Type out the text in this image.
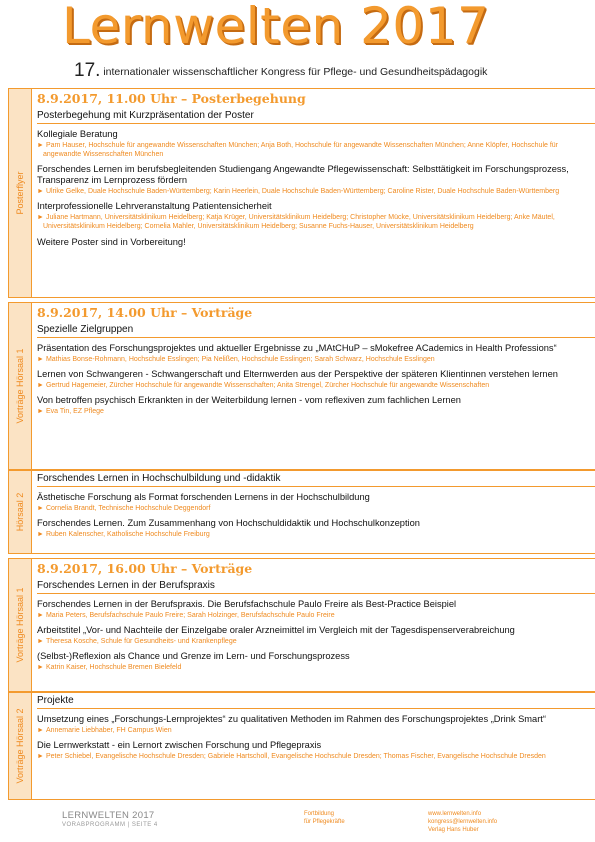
Lernwelten 2017
17. internationaler wissenschaftlicher Kongress für Pflege- und Gesundheitspädagogik
Posterflyer
8.9.2017, 11.00 Uhr – Posterbegehung
Posterbegehung mit Kurzpräsentation der Poster
Kollegiale Beratung
► Pam Hauser, Hochschule für angewandte Wissenschaften München; Anja Both, Hochschule für angewandte Wissenschaften München; Anne Klöpfer, Hochschule für angewandte Wissenschaften München
Forschendes Lernen im berufsbegleitenden Studiengang Angewandte Pflegewissenschaft: Selbsttätigkeit im Forschungsprozess, Transparenz im Lernprozess fördern
► Ulrike Gelke, Duale Hochschule Baden-Württemberg; Karin Heerlein, Duale Hochschule Baden-Württemberg; Caroline Rister, Duale Hochschule Baden-Württemberg
Interprofessionelle Lehrveranstaltung Patientensicherheit
► Juliane Hartmann, Universitätsklinikum Heidelberg; Katja Krüger, Universitätsklinikum Heidelberg; Christopher Mücke, Universitätsklinikum Heidelberg; Anke Mäutel, Universitätsklinikum Heidelberg; Cornelia Mahler, Universitätsklinikum Heidelberg; Susanne Fuchs-Hauser, Universitätsklinikum Heidelberg
Weitere Poster sind in Vorbereitung!
Vorträge Hörsaal 1
8.9.2017, 14.00 Uhr – Vorträge
Spezielle Zielgruppen
Präsentation des Forschungsprojektes und aktueller Ergebnisse zu „MAtCHuP – sMokefree ACademics in Health Professions“
► Mathias Bonse-Rohmann, Hochschule Esslingen; Pia Nelißen, Hochschule Esslingen; Sarah Schwarz, Hochschule Esslingen
Lernen von Schwangeren - Schwangerschaft und Elternwerden aus der Perspektive der späteren Klientinnen verstehen lernen
► Gertrud Hagemeier, Zürcher Hochschule für angewandte Wissenschaften; Anita Strengel, Zürcher Hochschule für angewandte Wissenschaften
Von betroffen psychisch Erkrankten in der Weiterbildung lernen - vom reflexiven zum fachlichen Lernen
► Eva Tin, EZ Pflege
Hörsaal 2
Forschendes Lernen in Hochschulbildung und -didaktik
Ästhetische Forschung als Format forschenden Lernens in der Hochschulbildung
► Cornelia Brandt, Technische Hochschule Deggendorf
Forschendes Lernen. Zum Zusammenhang von Hochschuldidaktik und Hochschulkonzeption
► Ruben Kalenscher, Katholische Hochschule Freiburg
Vorträge Hörsaal 1
8.9.2017, 16.00 Uhr – Vorträge
Forschendes Lernen in der Berufspraxis
Forschendes Lernen in der Berufspraxis. Die Berufsfachschule Paulo Freire als Best-Practice Beispiel
► Maria Peters, Berufsfachschule Paulo Freire; Sarah Holzinger, Berufsfachschule Paulo Freire
Arbeitstitel „Vor- und Nachteile der Einzelgabe oraler Arzneimittel im Vergleich mit der Tagesdispenserverabreichung
► Theresa Kosche, Schule für Gesundheits- und Krankenpflege
(Selbst-)Reflexion als Chance und Grenze im Lern- und Forschungsprozess
► Katrin Kaiser, Hochschule Bremen Bielefeld
Vorträge Hörsaal 2
Projekte
Umsetzung eines „Forschungs-Lernprojektes“ zu qualitativen Methoden im Rahmen des Forschungsprojektes „Drink Smart“
► Annemarie Liebhaber, FH Campus Wien
Die Lernwerkstatt - ein Lernort zwischen Forschung und Pflegepraxis
► Peter Schiebel, Evangelische Hochschule Dresden; Gabriele Hartscholl, Evangelische Hochschule Dresden; Thomas Fischer, Evangelische Hochschule Dresden
LERNWELTEN 2017
VORABPROGRAMM | SEITE 4
Fortbildung
für Pflegekräfte
www.lernwelten.info
kongress@lernwelten.info
Verlag Hans Huber
